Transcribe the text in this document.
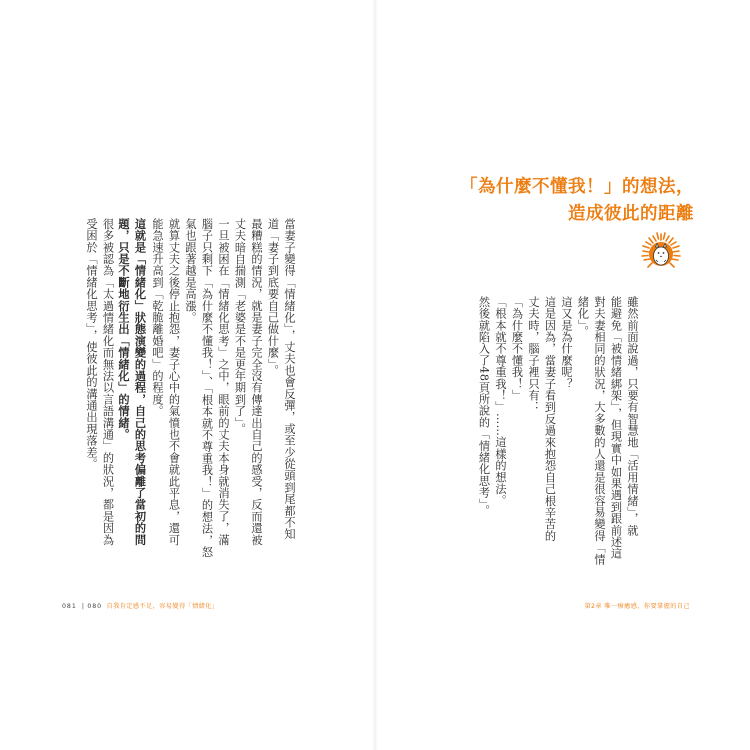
當妻子變得「情緒化」，丈夫也會反彈，或至少從頭到尾都不知

道「妻子到底要自己做什麼」。

最糟糕的情況，就是妻子完全沒有傳達出自己的感受，反而還被

丈夫暗自揣測「老婆是不是更年期到了」。

一旦被困在「情緒化思考」之中，眼前的丈夫本身就消失了，滿

腦子只剩下「為什麼不懂我！」、「根本就不尊重我！」的想法，怒

氣也跟著越是高漲。

就算丈夫之後停止抱怨，妻子心中的氣憤也不會就此平息，還可

能急速升高到「乾脆離婚吧」的程度。

這就是「情緒化」狀態演變的過程，自己的思考偏離了當初的問

題，只是不斷地衍生出「情緒化」的情緒。

很多被認為「太過情緒化而無法以言語溝通」的狀況，都是因為

受困於「情緒化思考」，使彼此的溝通出現落差。

081 | 080 自我肯定感不足，容易變得「情緒化」
「為什麼不懂我！」的想法，
造成彼此的距離

雖然前面說過，只要有智慧地「活用情緒」，就

能避免「被情緒綁架」，但現實中如果遇到跟前述這

對夫妻相同的狀況，大多數的人還是很容易變得「情

緒化」。

這又是為什麼呢？

這是因為，當妻子看到反過來抱怨自己根辛苦的

丈夫時，腦子裡只有：

「為什麼不懂我！」

「根本就不尊重我！」……這樣的想法。

然後就陷入了48頁所說的「情緒化思考」。

第2章 唯一療癒感，你要掌握的自己
